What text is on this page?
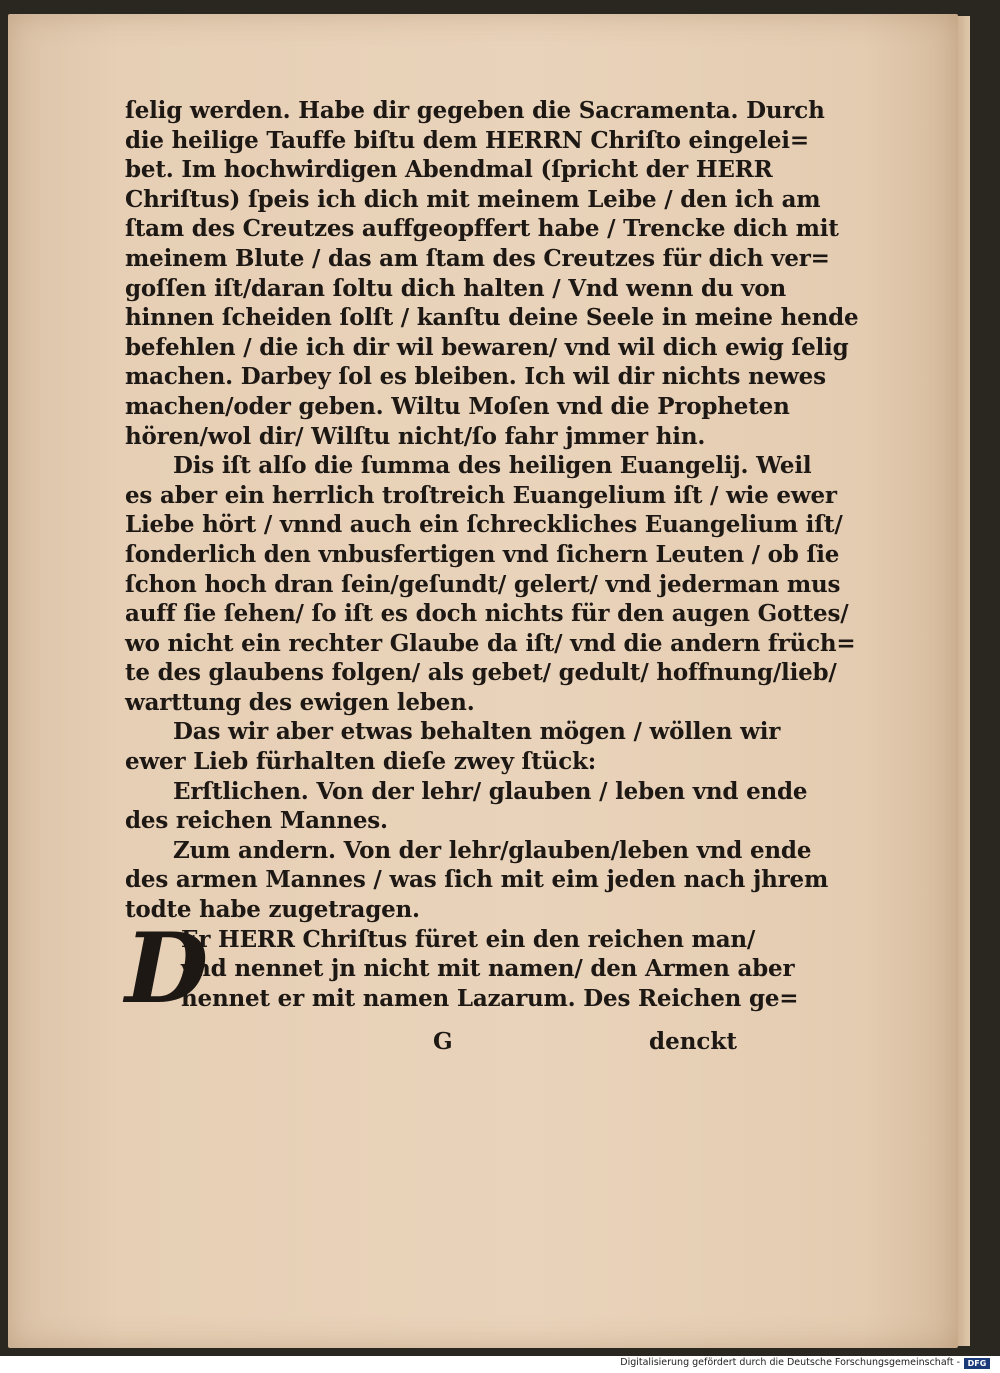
ſelig werden. Habe dir gegeben die Sacramenta. Durch
die heilige Tauffe biſtu dem HERRN Chriſto eingelei=
bet. Im hochwirdigen Abendmal (ſpricht der HERR
Chriſtus) ſpeis ich dich mit meinem Leibe / den ich am
ſtam des Creutzes auffgeopffert habe / Trencke dich mit
meinem Blute / das am ſtam des Creutzes für dich ver=
goſſen iſt/daran ſoltu dich halten / Vnd wenn du von
hinnen ſcheiden ſolſt / kanſtu deine Seele in meine hende
befehlen / die ich dir wil bewaren/ vnd wil dich ewig ſelig
machen. Darbey ſol es bleiben. Ich wil dir nichts newes
machen/oder geben. Wiltu Moſen vnd die Propheten
hören/wol dir/ Wilſtu nicht/ſo fahr jmmer hin.
Dis iſt alſo die ſumma des heiligen Euangelij. Weil
es aber ein herrlich troſtreich Euangelium iſt / wie ewer
Liebe hört / vnnd auch ein ſchreckliches Euangelium iſt/
ſonderlich den vnbusfertigen vnd ſichern Leuten / ob ſie
ſchon hoch dran ſein/geſundt/ gelert/ vnd jederman mus
auff ſie ſehen/ ſo iſt es doch nichts für den augen Gottes/
wo nicht ein rechter Glaube da iſt/ vnd die andern früch=
te des glaubens folgen/ als gebet/ gedult/ hoffnung/lieb/
warttung des ewigen leben.
Das wir aber etwas behalten mögen / wöllen wir
ewer Lieb fürhalten dieſe zwey ſtück:
Erſtlichen. Von der lehr/ glauben / leben vnd ende
des reichen Mannes.
Zum andern. Von der lehr/glauben/leben vnd ende
des armen Mannes / was ſich mit eim jeden nach jhrem
todte habe zugetragen.
D
Er HERR Chriſtus füret ein den reichen man/
vnd nennet jn nicht mit namen/ den Armen aber
nennet er mit namen Lazarum. Des Reichen ge=
G	denckt
Digitalisierung gefördert durch die Deutsche Forschungsgemeinschaft - DFG
